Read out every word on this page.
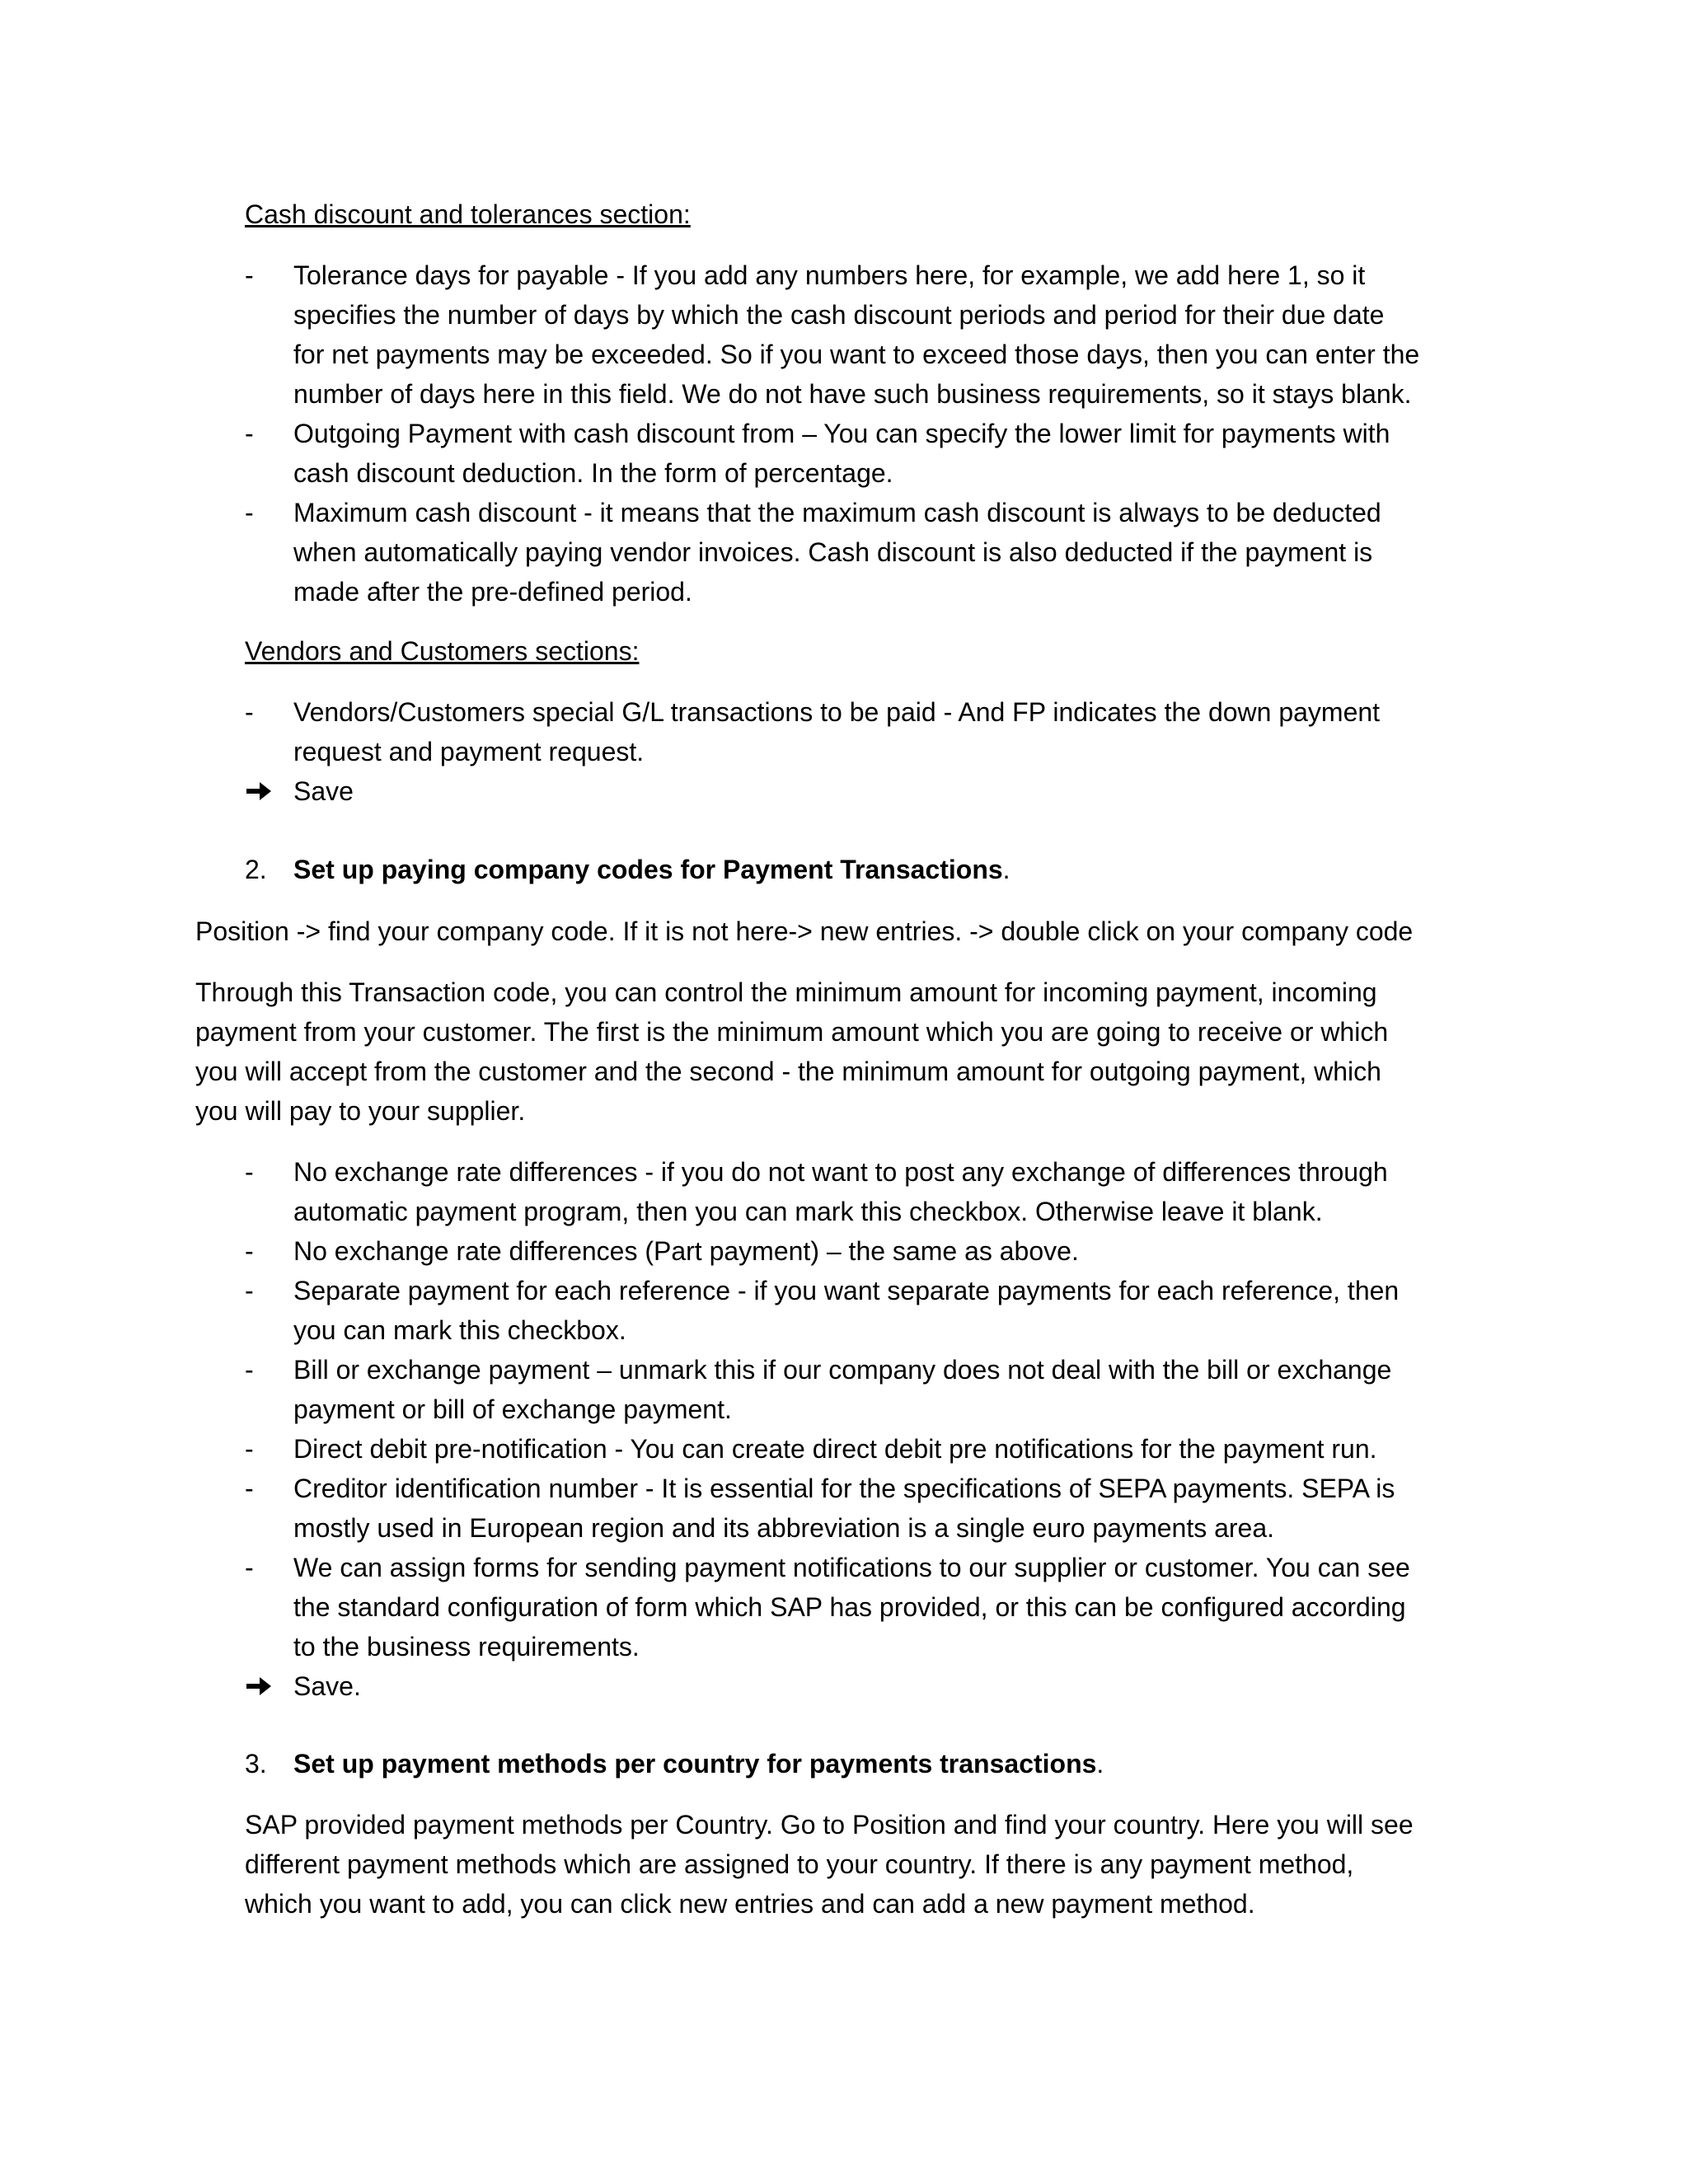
Cash discount and tolerances section:
- Tolerance days for payable - If you add any numbers here, for example, we add here 1, so it
specifies the number of days by which the cash discount periods and period for their due date
for net payments may be exceeded. So if you want to exceed those days, then you can enter the
number of days here in this field. We do not have such business requirements, so it stays blank.
- Outgoing Payment with cash discount from – You can specify the lower limit for payments with
cash discount deduction. In the form of percentage.
- Maximum cash discount - it means that the maximum cash discount is always to be deducted
when automatically paying vendor invoices. Cash discount is also deducted if the payment is
made after the pre-defined period.
Vendors and Customers sections:
- Vendors/Customers special G/L transactions to be paid - And FP indicates the down payment
request and payment request.
Save
2. Set up paying company codes for Payment Transactions.
Position -> find your company code. If it is not here-> new entries. -> double click on your company code
Through this Transaction code, you can control the minimum amount for incoming payment, incoming
payment from your customer. The first is the minimum amount which you are going to receive or which
you will accept from the customer and the second - the minimum amount for outgoing payment, which
you will pay to your supplier.
- No exchange rate differences - if you do not want to post any exchange of differences through
automatic payment program, then you can mark this checkbox. Otherwise leave it blank.
- No exchange rate differences (Part payment) – the same as above.
- Separate payment for each reference - if you want separate payments for each reference, then
you can mark this checkbox.
- Bill or exchange payment – unmark this if our company does not deal with the bill or exchange
payment or bill of exchange payment.
- Direct debit pre-notification - You can create direct debit pre notifications for the payment run.
- Creditor identification number - It is essential for the specifications of SEPA payments. SEPA is
mostly used in European region and its abbreviation is a single euro payments area.
- We can assign forms for sending payment notifications to our supplier or customer. You can see
the standard configuration of form which SAP has provided, or this can be configured according
to the business requirements.
Save.
3. Set up payment methods per country for payments transactions.
SAP provided payment methods per Country. Go to Position and find your country. Here you will see
different payment methods which are assigned to your country. If there is any payment method,
which you want to add, you can click new entries and can add a new payment method.
